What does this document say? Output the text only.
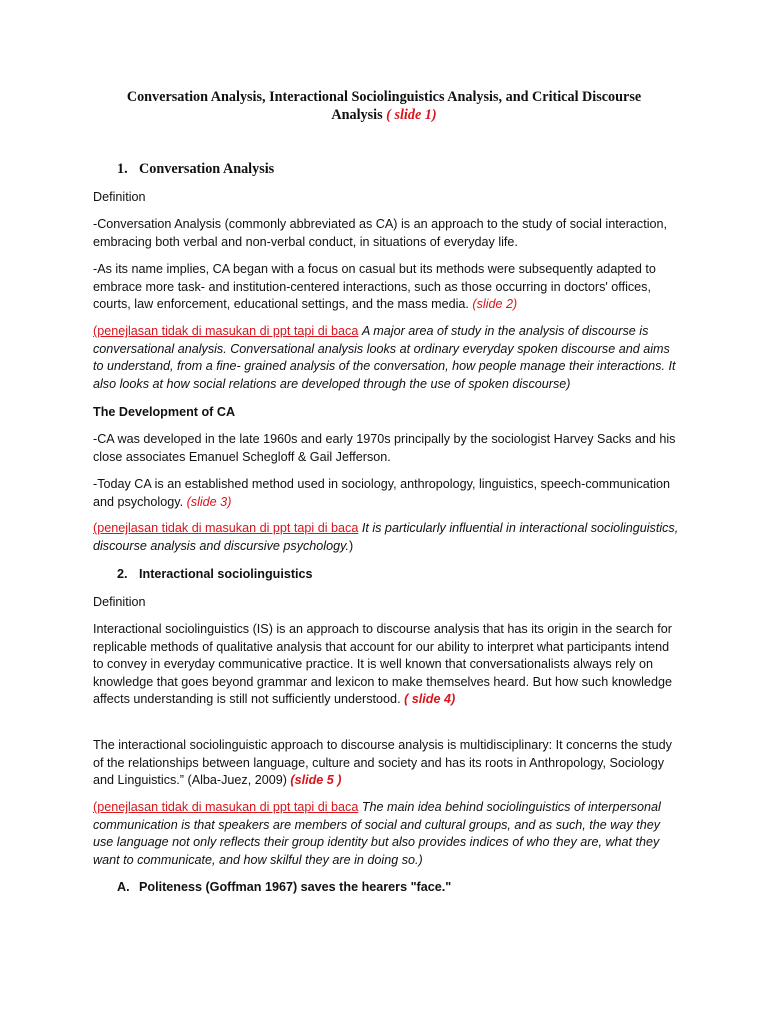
Conversation Analysis, Interactional Sociolinguistics Analysis, and Critical Discourse
Analysis ( slide 1)
1. Conversation Analysis
Definition
-Conversation Analysis (commonly abbreviated as CA) is an approach to the study of social interaction, embracing both verbal and non-verbal conduct, in situations of everyday life.
-As its name implies, CA began with a focus on casual but its methods were subsequently adapted to embrace more task- and institution-centered interactions, such as those occurring in doctors' offices, courts, law enforcement, educational settings, and the mass media. (slide 2)
(penejlasan tidak di masukan di ppt tapi di baca A major area of study in the analysis of discourse is conversational analysis. Conversational analysis looks at ordinary everyday spoken discourse and aims to understand, from a fine- grained analysis of the conversation, how people manage their interactions. It also looks at how social relations are developed through the use of spoken discourse)
The Development of CA
-CA was developed in the late 1960s and early 1970s principally by the sociologist Harvey Sacks and his close associates Emanuel Schegloff & Gail Jefferson.
-Today CA is an established method used in sociology, anthropology, linguistics, speech-communication and psychology. (slide 3)
(penejlasan tidak di masukan di ppt tapi di baca It is particularly influential in interactional sociolinguistics, discourse analysis and discursive psychology.)
2. Interactional sociolinguistics
Definition
Interactional sociolinguistics (IS) is an approach to discourse analysis that has its origin in the search for replicable methods of qualitative analysis that account for our ability to interpret what participants intend to convey in everyday communicative practice. It is well known that conversationalists always rely on knowledge that goes beyond grammar and lexicon to make themselves heard. But how such knowledge affects understanding is still not sufficiently understood. ( slide 4)
The interactional sociolinguistic approach to discourse analysis is multidisciplinary: It concerns the study of the relationships between language, culture and society and has its roots in Anthropology, Sociology and Linguistics.” (Alba-Juez, 2009) (slide 5 )
(penejlasan tidak di masukan di ppt tapi di baca The main idea behind sociolinguistics of interpersonal communication is that speakers are members of social and cultural groups, and as such, the way they use language not only reflects their group identity but also provides indices of who they are, what they want to communicate, and how skilful they are in doing so.)
A. Politeness (Goffman 1967) saves the hearers "face."
